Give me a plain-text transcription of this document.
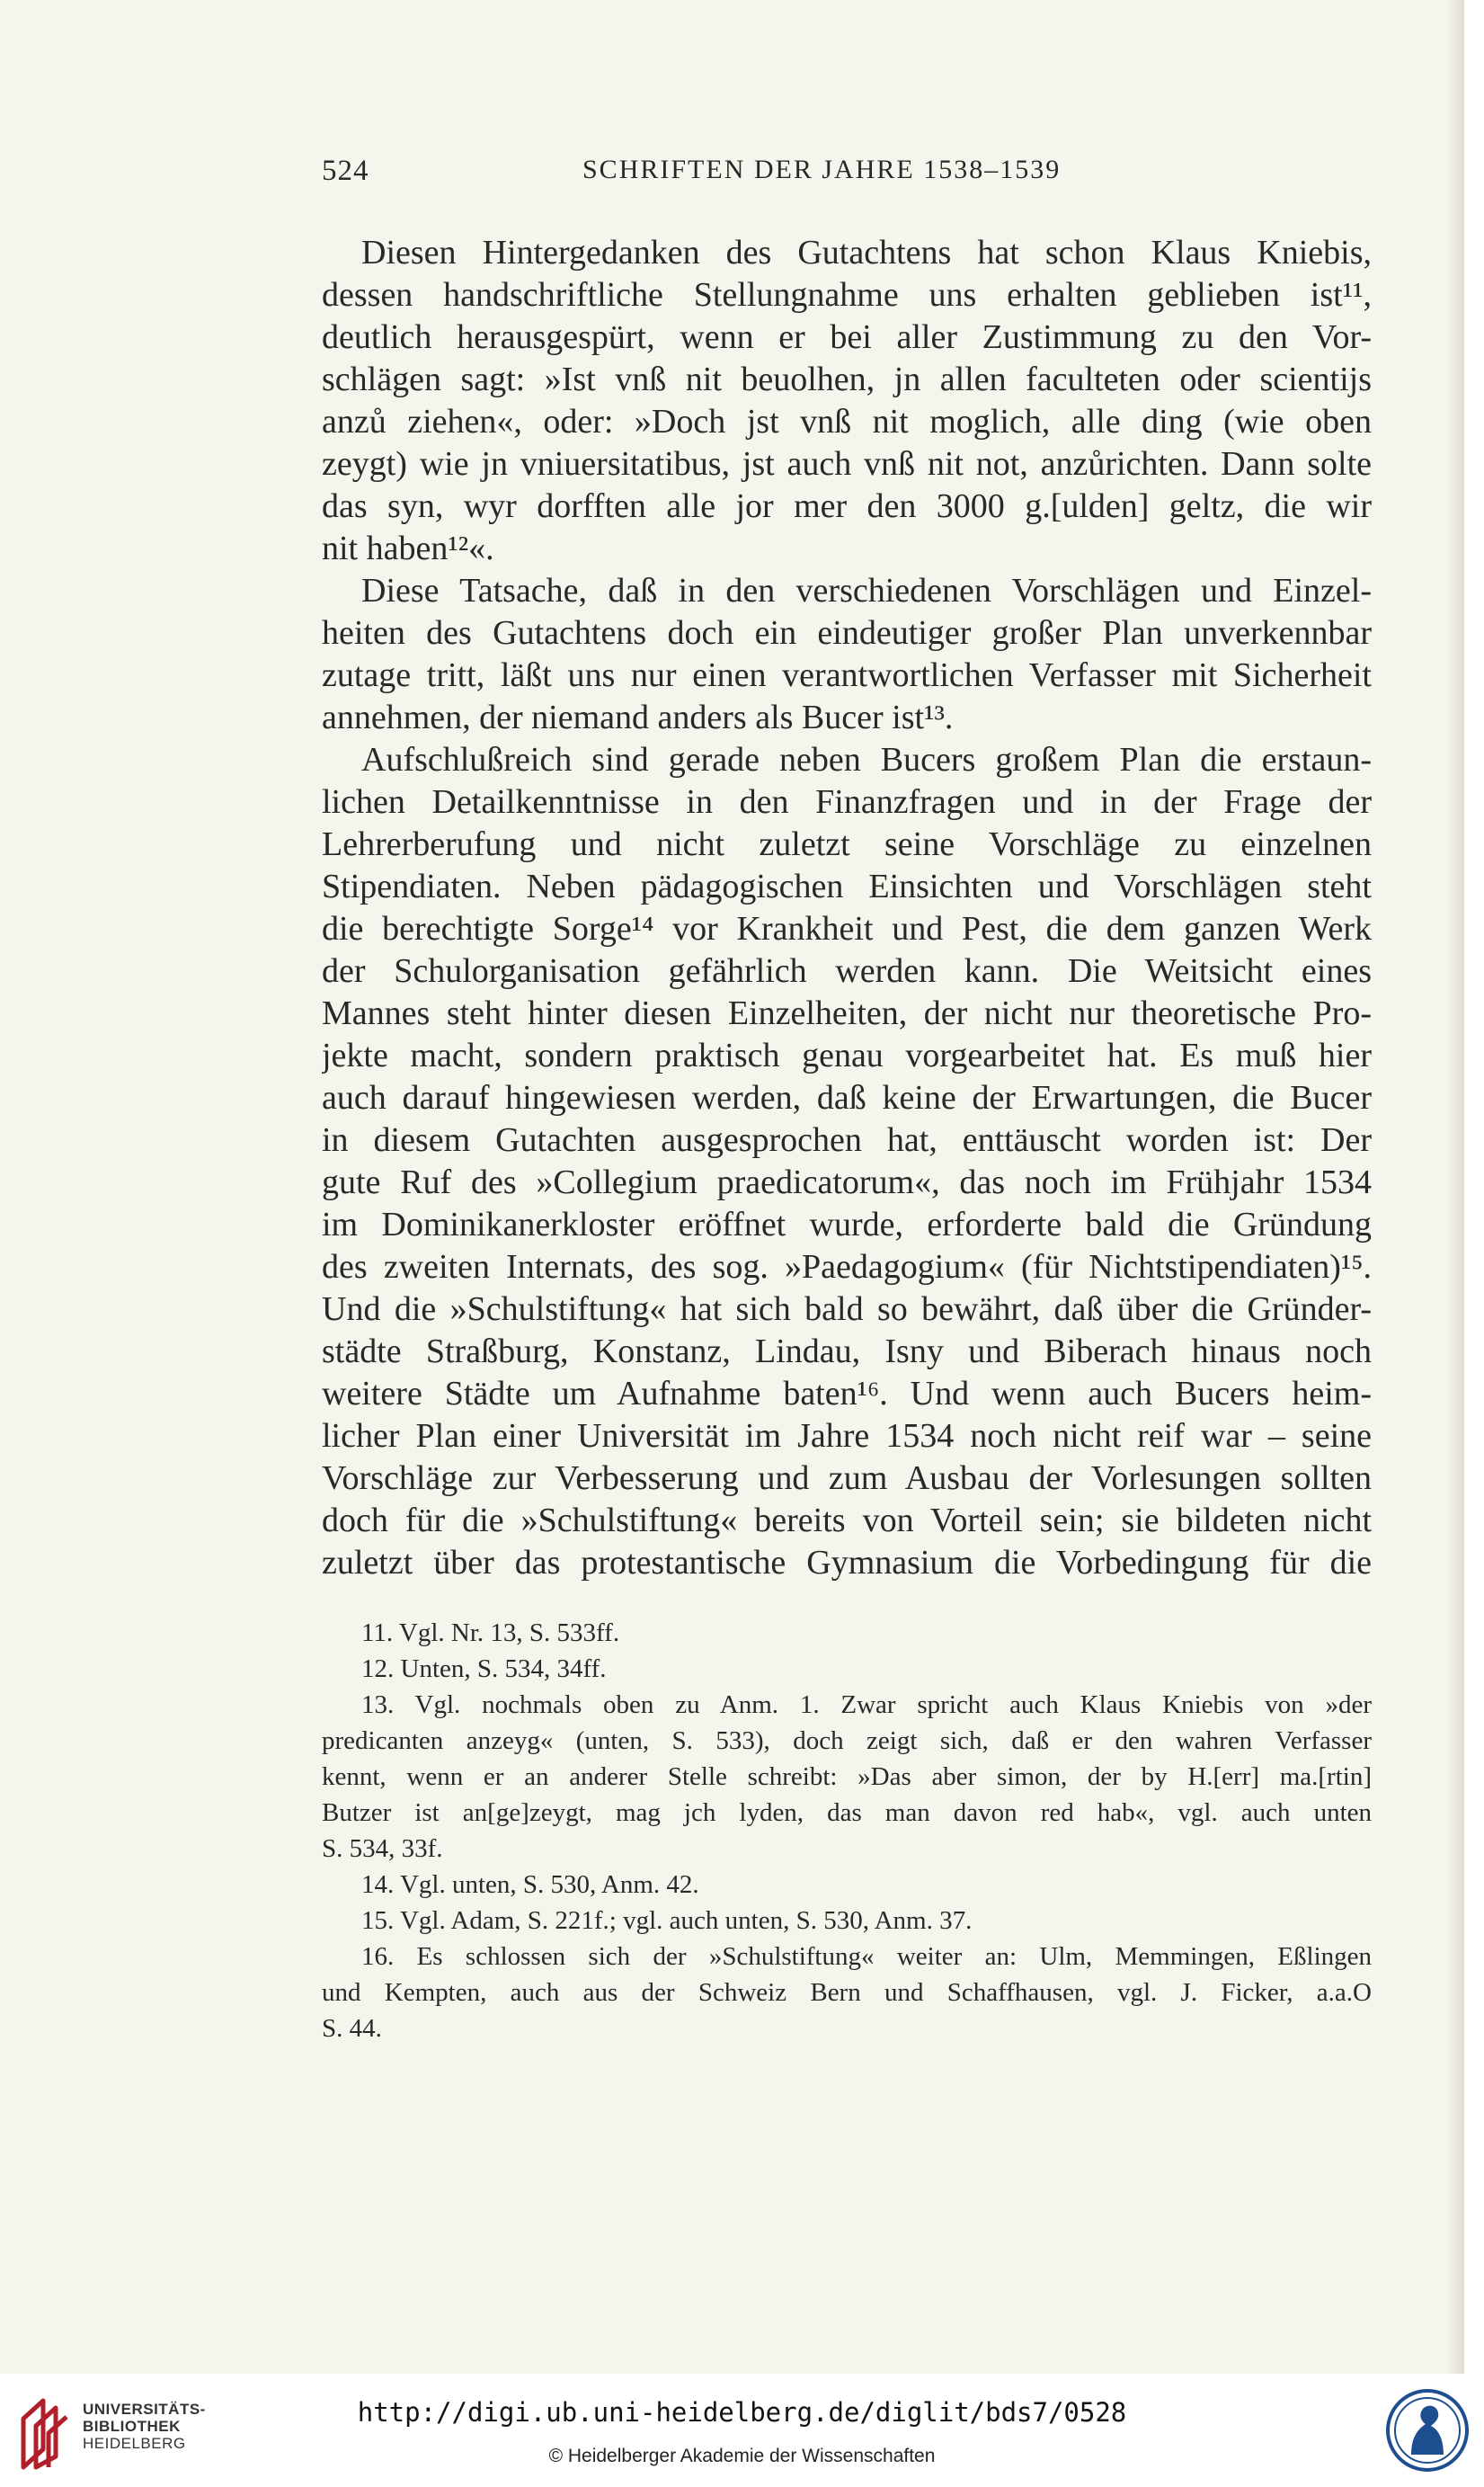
524	SCHRIFTEN DER JAHRE 1538–1539
Diesen Hintergedanken des Gutachtens hat schon Klaus Kniebis,
dessen handschriftliche Stellungnahme uns erhalten geblieben ist¹¹,
deutlich herausgespürt, wenn er bei aller Zustimmung zu den Vor-
schlägen sagt: »Ist vnß nit beuolhen, jn allen faculteten oder scientijs
anzů ziehen«, oder: »Doch jst vnß nit moglich, alle ding (wie oben
zeygt) wie jn vniuersitatibus, jst auch vnß nit not, anzůrichten. Dann solte
das syn, wyr dorfften alle jor mer den 3000 g.[ulden] geltz, die wir
nit haben¹²«.
Diese Tatsache, daß in den verschiedenen Vorschlägen und Einzel-
heiten des Gutachtens doch ein eindeutiger großer Plan unverkennbar
zutage tritt, läßt uns nur einen verantwortlichen Verfasser mit Sicherheit
annehmen, der niemand anders als Bucer ist¹³.
Aufschlußreich sind gerade neben Bucers großem Plan die erstaun-
lichen Detailkenntnisse in den Finanzfragen und in der Frage der
Lehrerberufung und nicht zuletzt seine Vorschläge zu einzelnen
Stipendiaten. Neben pädagogischen Einsichten und Vorschlägen steht
die berechtigte Sorge¹⁴ vor Krankheit und Pest, die dem ganzen Werk
der Schulorganisation gefährlich werden kann. Die Weitsicht eines
Mannes steht hinter diesen Einzelheiten, der nicht nur theoretische Pro-
jekte macht, sondern praktisch genau vorgearbeitet hat. Es muß hier
auch darauf hingewiesen werden, daß keine der Erwartungen, die Bucer
in diesem Gutachten ausgesprochen hat, enttäuscht worden ist: Der
gute Ruf des »Collegium praedicatorum«, das noch im Frühjahr 1534
im Dominikanerkloster eröffnet wurde, erforderte bald die Gründung
des zweiten Internats, des sog. »Paedagogium« (für Nichtstipendiaten)¹⁵.
Und die »Schulstiftung« hat sich bald so bewährt, daß über die Gründer-
städte Straßburg, Konstanz, Lindau, Isny und Biberach hinaus noch
weitere Städte um Aufnahme baten¹⁶. Und wenn auch Bucers heim-
licher Plan einer Universität im Jahre 1534 noch nicht reif war – seine
Vorschläge zur Verbesserung und zum Ausbau der Vorlesungen sollten
doch für die »Schulstiftung« bereits von Vorteil sein; sie bildeten nicht
zuletzt über das protestantische Gymnasium die Vorbedingung für die
11. Vgl. Nr. 13, S. 533ff.
12. Unten, S. 534, 34ff.
13. Vgl. nochmals oben zu Anm. 1. Zwar spricht auch Klaus Kniebis von »der
predicanten anzeyg« (unten, S. 533), doch zeigt sich, daß er den wahren Verfasser
kennt, wenn er an anderer Stelle schreibt: »Das aber simon, der by H.[err] ma.[rtin]
Butzer ist an[ge]zeygt, mag jch lyden, das man davon red hab«, vgl. auch unten
S. 534, 33f.
14. Vgl. unten, S. 530, Anm. 42.
15. Vgl. Adam, S. 221f.; vgl. auch unten, S. 530, Anm. 37.
16. Es schlossen sich der »Schulstiftung« weiter an: Ulm, Memmingen, Eßlingen
und Kempten, auch aus der Schweiz Bern und Schaffhausen, vgl. J. Ficker, a.a.O
S. 44.
UNIVERSITÄTS-
BIBLIOTHEK
HEIDELBERG
http://digi.ub.uni-heidelberg.de/diglit/bds7/0528
© Heidelberger Akademie der Wissenschaften
